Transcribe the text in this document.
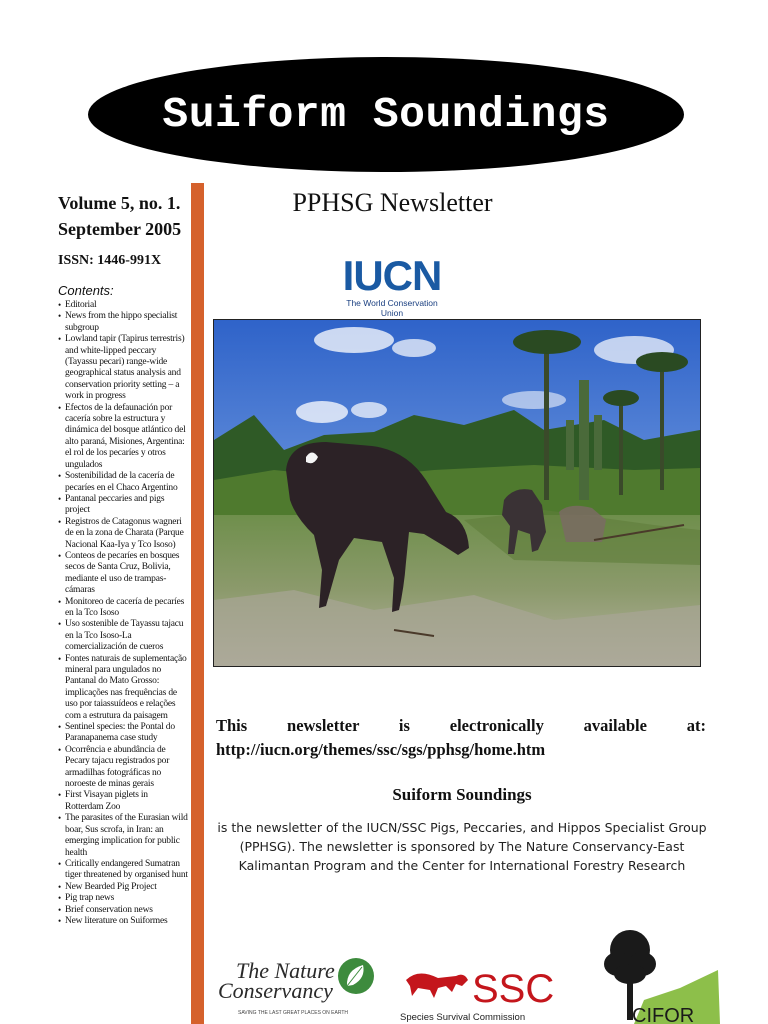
Suiform Soundings
Volume 5, no. 1. September 2005
ISSN: 1446-991X
Contents:
• Editorial
• News from the hippo specialist subgroup
• Lowland tapir (Tapirus terrestris) and white-lipped peccary (Tayassu pecari) range-wide geographical status analysis and conservation priority setting – a work in progress
• Efectos de la defaunación por cacería sobre la estructura y dinámica del bosque atlántico del alto paraná, Misiones, Argentina: el rol de los pecaríes y otros ungulados
• Sostenibilidad de la cacería de pecaríes en el Chaco Argentino
• Pantanal peccaries and pigs project
• Registros de Catagonus wagneri de en la zona de Charata (Parque Nacional Kaa-Iya y Tco Isoso)
• Conteos de pecaríes en bosques secos de Santa Cruz, Bolivia, mediante el uso de trampas-cámaras
• Monitoreo de cacería de pecaríes en la Tco Isoso
• Uso sostenible de Tayassu tajacu en la Tco Isoso-La comercialización de cueros
• Fontes naturais de suplementação mineral para ungulados no Pantanal do Mato Grosso: implicações nas frequências de uso por taiassuídeos e relações com a estrutura da paisagem
• Sentinel species: the Pontal do Paranapanema case study
• Ocorrência e abundância de Pecary tajacu registrados por armadilhas fotográficas no noroeste de minas gerais
• First Visayan piglets in Rotterdam Zoo
• The parasites of the Eurasian wild boar, Sus scrofa, in Iran: an emerging implication for public health
• Critically endangered Sumatran tiger threatened by organised hunt
• New Bearded Pig Project
• Pig trap news
• Brief conservation news
• New literature on Suiformes
PPHSG Newsletter
IUCN
The World Conservation Union
This newsletter is electronically available at: http://iucn.org/themes/ssc/sgs/pphsg/home.htm
Suiform Soundings
is the newsletter of the IUCN/SSC Pigs, Peccaries, and Hippos Specialist Group (PPHSG). The newsletter is sponsored by The Nature Conservancy-East Kalimantan Program and the Center for International Forestry Research
The Nature
Conservancy
SAVING THE LAST GREAT PLACES ON EARTH
SSC
Species Survival Commission	CIFOR
